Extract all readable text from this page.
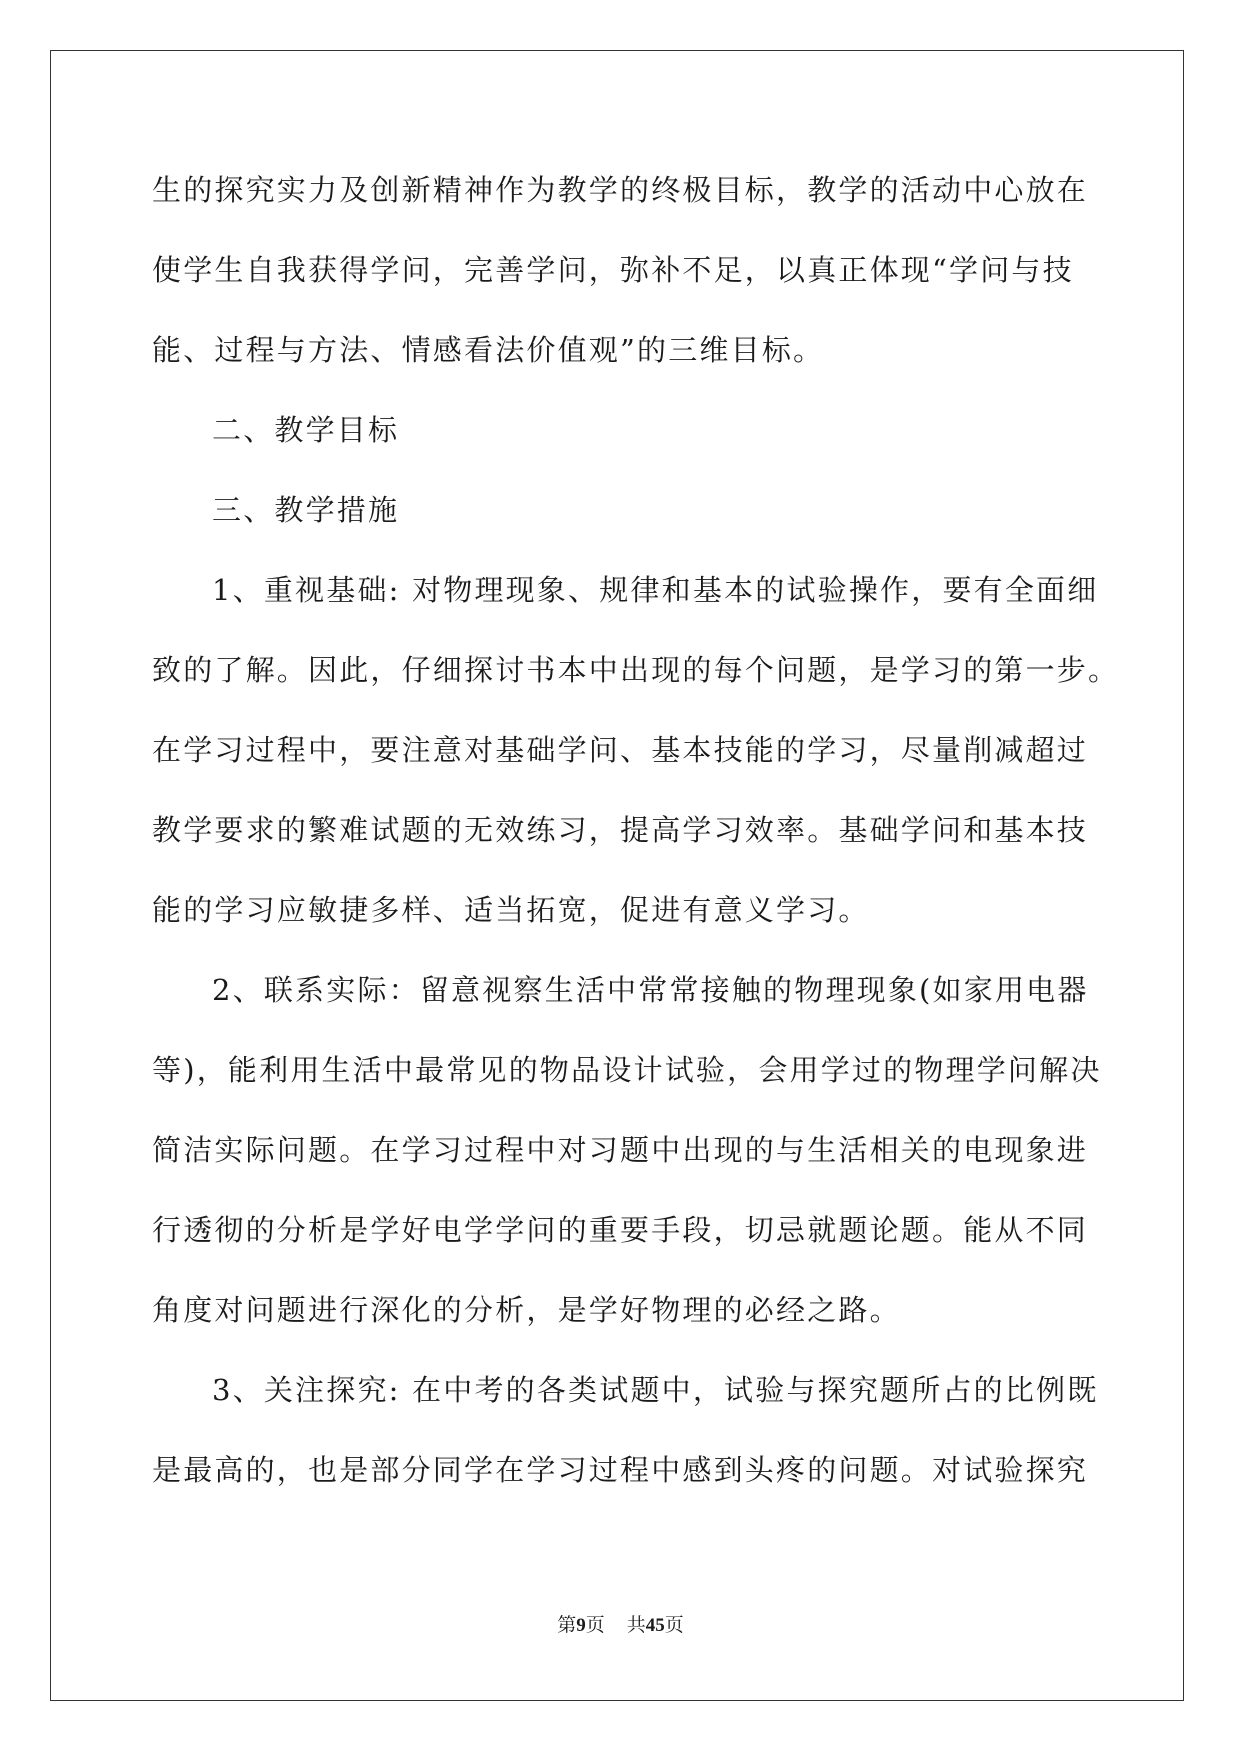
生的探究实力及创新精神作为教学的终极目标，教学的活动中心放在
使学生自我获得学问，完善学问，弥补不足，以真正体现“学问与技
能、过程与方法、情感看法价值观”的三维目标。
二、教学目标
三、教学措施
1、重视基础: 对物理现象、规律和基本的试验操作，要有全面细
致的了解。因此，仔细探讨书本中出现的每个问题，是学习的第一步。
在学习过程中，要注意对基础学问、基本技能的学习，尽量削减超过
教学要求的繁难试题的无效练习，提高学习效率。基础学问和基本技
能的学习应敏捷多样、适当拓宽，促进有意义学习。
2、联系实际：留意视察生活中常常接触的物理现象(如家用电器
等)，能利用生活中最常见的物品设计试验，会用学过的物理学问解决
简洁实际问题。在学习过程中对习题中出现的与生活相关的电现象进
行透彻的分析是学好电学学问的重要手段，切忌就题论题。能从不同
角度对问题进行深化的分析，是学好物理的必经之路。
3、关注探究: 在中考的各类试题中，试验与探究题所占的比例既
是最高的，也是部分同学在学习过程中感到头疼的问题。对试验探究
第9页 共45页
